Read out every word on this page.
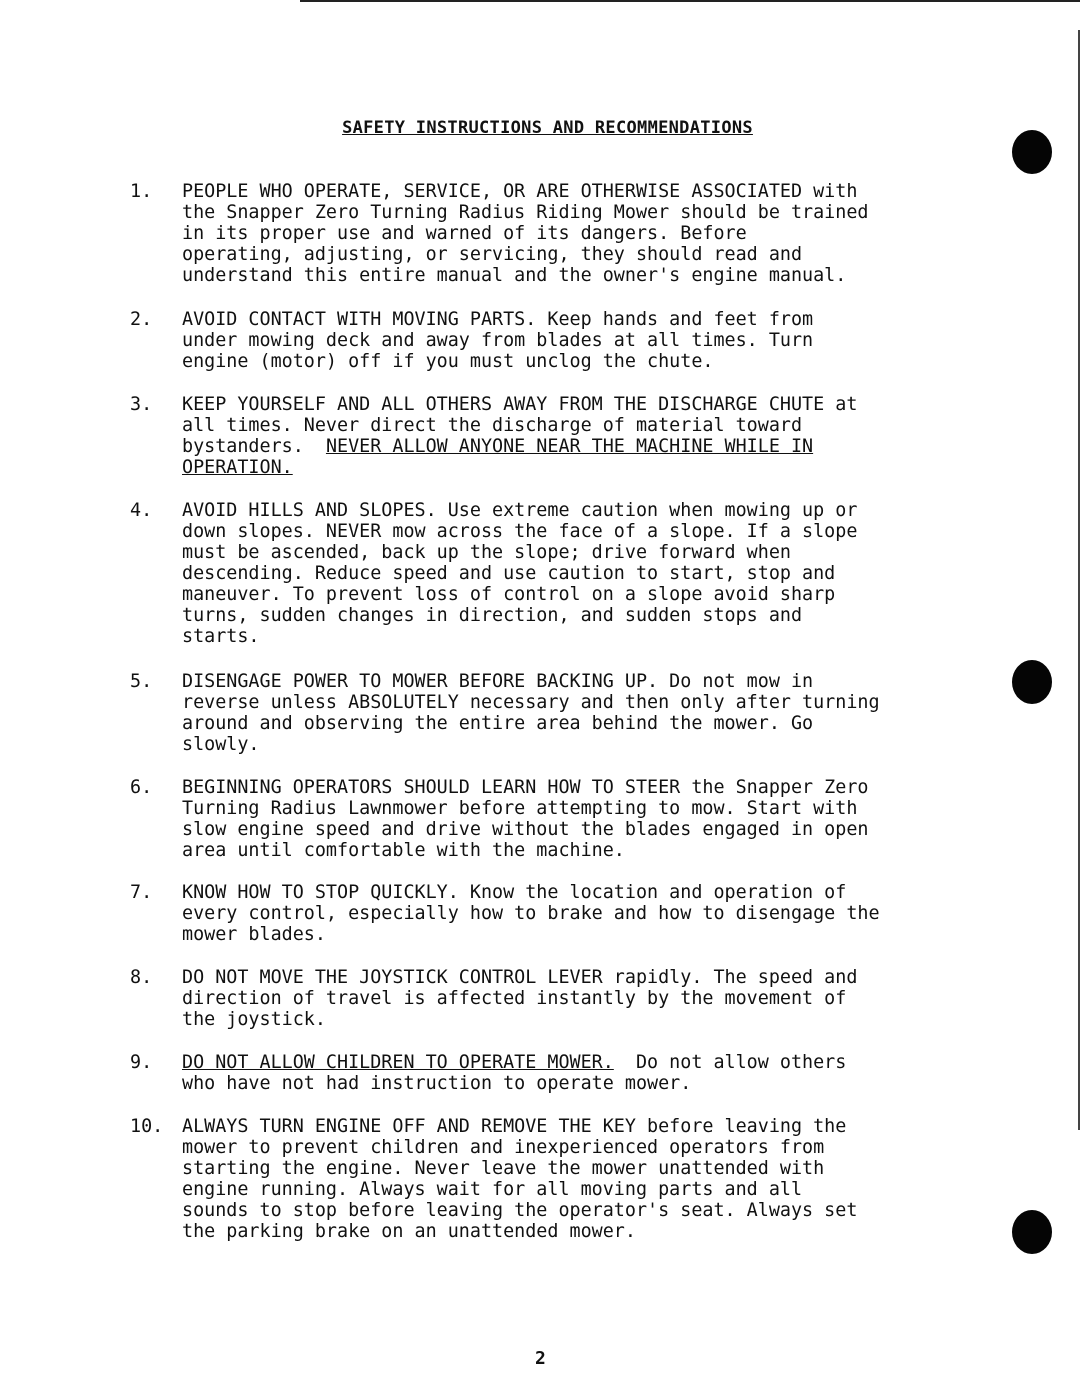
SAFETY INSTRUCTIONS AND RECOMMENDATIONS
1. PEOPLE WHO OPERATE, SERVICE, OR ARE OTHERWISE ASSOCIATED with
the Snapper Zero Turning Radius Riding Mower should be trained
in its proper use and warned of its dangers. Before
operating, adjusting, or servicing, they should read and
understand this entire manual and the owner's engine manual.
2. AVOID CONTACT WITH MOVING PARTS. Keep hands and feet from
under mowing deck and away from blades at all times. Turn
engine (motor) off if you must unclog the chute.
3. KEEP YOURSELF AND ALL OTHERS AWAY FROM THE DISCHARGE CHUTE at
all times. Never direct the discharge of material toward
bystanders.  NEVER ALLOW ANYONE NEAR THE MACHINE WHILE IN
OPERATION.
4. AVOID HILLS AND SLOPES. Use extreme caution when mowing up or
down slopes. NEVER mow across the face of a slope. If a slope
must be ascended, back up the slope; drive forward when
descending. Reduce speed and use caution to start, stop and
maneuver. To prevent loss of control on a slope avoid sharp
turns, sudden changes in direction, and sudden stops and
starts.
5. DISENGAGE POWER TO MOWER BEFORE BACKING UP. Do not mow in
reverse unless ABSOLUTELY necessary and then only after turning
around and observing the entire area behind the mower. Go
slowly.
6. BEGINNING OPERATORS SHOULD LEARN HOW TO STEER the Snapper Zero
Turning Radius Lawnmower before attempting to mow. Start with
slow engine speed and drive without the blades engaged in open
area until comfortable with the machine.
7. KNOW HOW TO STOP QUICKLY. Know the location and operation of
every control, especially how to brake and how to disengage the
mower blades.
8. DO NOT MOVE THE JOYSTICK CONTROL LEVER rapidly. The speed and
direction of travel is affected instantly by the movement of
the joystick.
9. DO NOT ALLOW CHILDREN TO OPERATE MOWER.  Do not allow others
who have not had instruction to operate mower.
10. ALWAYS TURN ENGINE OFF AND REMOVE THE KEY before leaving the
mower to prevent children and inexperienced operators from
starting the engine. Never leave the mower unattended with
engine running. Always wait for all moving parts and all
sounds to stop before leaving the operator's seat. Always set
the parking brake on an unattended mower.
2
